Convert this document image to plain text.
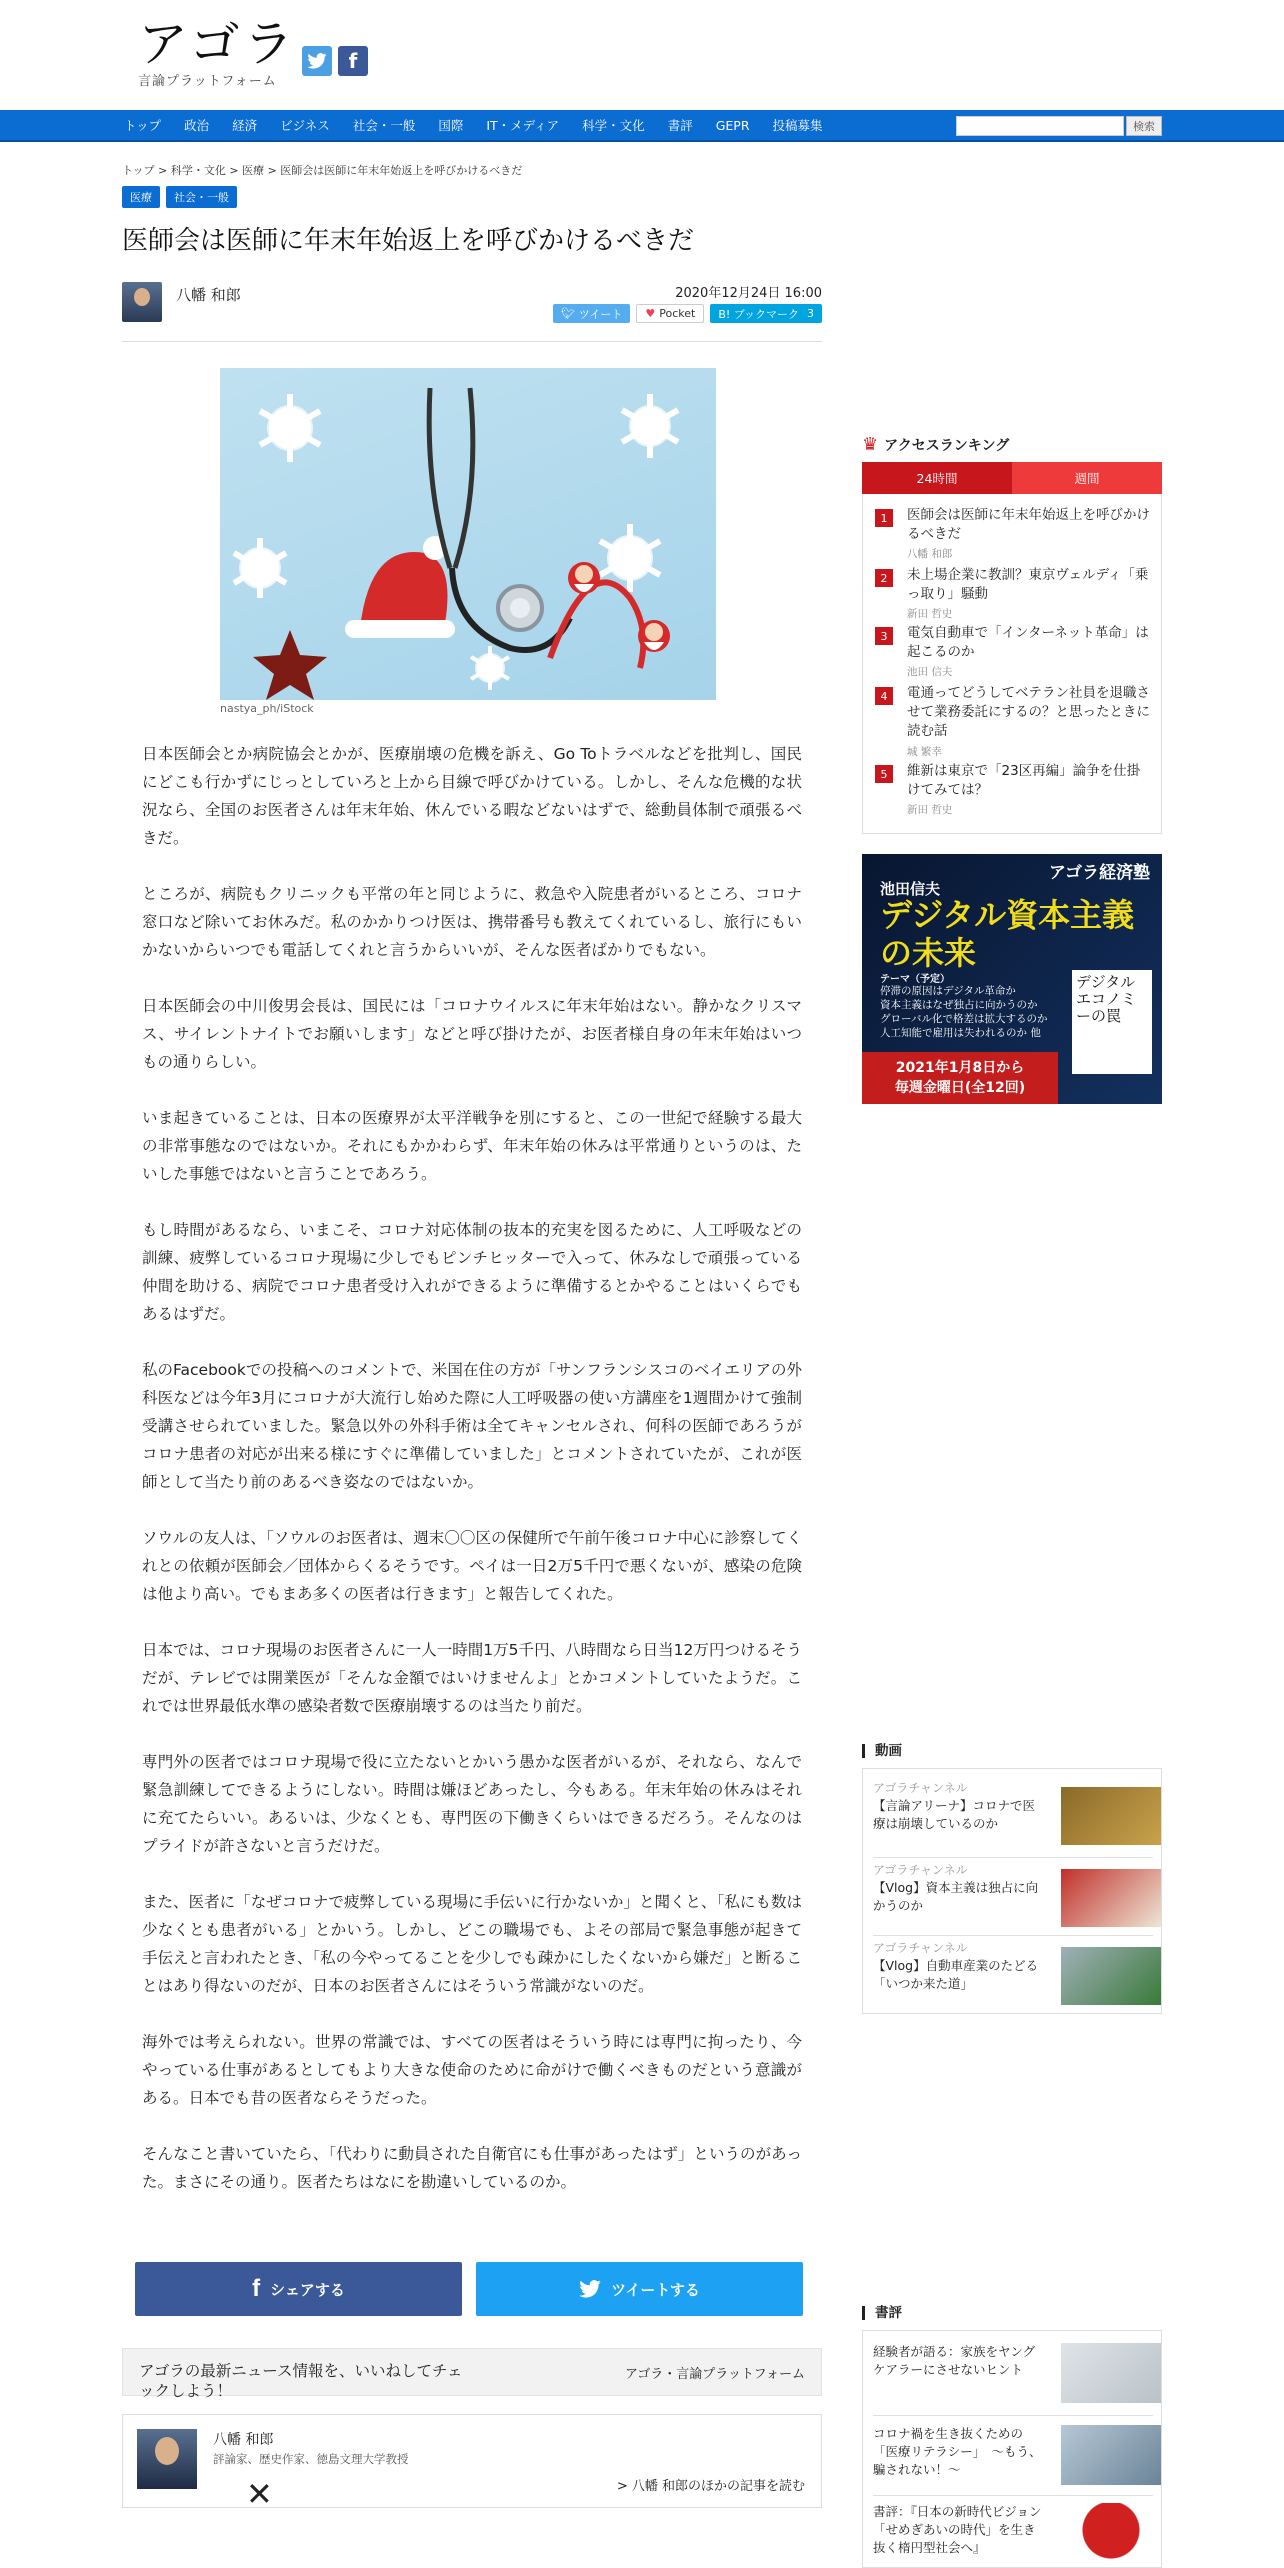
アゴラ
言論プラットフォーム
f
トップ 政治 経済 ビジネス 社会・一般 国際 IT・メディア 科学・文化 書評 GEPR 投稿募集	検索
トップ > 科学・文化 > 医療 > 医師会は医師に年末年始返上を呼びかけるべきだ
医療	社会・一般
医師会は医師に年末年始返上を呼びかけるべきだ
八幡 和郎	2020年12月24日 16:00
🐦︎ ツイート ♥ Pocket B! ブックマーク 3
nastya_ph/iStock

日本医師会とか病院協会とかが、医療崩壊の危機を訴え、Go Toトラベルなどを批判し、国民にどこも行かずにじっとしていろと上から目線で呼びかけている。しかし、そんな危機的な状況なら、全国のお医者さんは年末年始、休んでいる暇などないはずで、総動員体制で頑張るべきだ。

ところが、病院もクリニックも平常の年と同じように、救急や入院患者がいるところ、コロナ窓口など除いてお休みだ。私のかかりつけ医は、携帯番号も教えてくれているし、旅行にもいかないからいつでも電話してくれと言うからいいが、そんな医者ばかりでもない。

日本医師会の中川俊男会長は、国民には「コロナウイルスに年末年始はない。静かなクリスマス、サイレントナイトでお願いします」などと呼び掛けたが、お医者様自身の年末年始はいつもの通りらしい。

いま起きていることは、日本の医療界が太平洋戦争を別にすると、この一世紀で経験する最大の非常事態なのではないか。それにもかかわらず、年末年始の休みは平常通りというのは、たいした事態ではないと言うことであろう。

もし時間があるなら、いまこそ、コロナ対応体制の抜本的充実を図るために、人工呼吸などの訓練、疲弊しているコロナ現場に少しでもピンチヒッターで入って、休みなしで頑張っている仲間を助ける、病院でコロナ患者受け入れができるように準備するとかやることはいくらでもあるはずだ。

私のFacebookでの投稿へのコメントで、米国在住の方が「サンフランシスコのベイエリアの外科医などは今年3月にコロナが大流行し始めた際に人工呼吸器の使い方講座を1週間かけて強制受講させられていました。緊急以外の外科手術は全てキャンセルされ、何科の医師であろうがコロナ患者の対応が出来る様にすぐに準備していました」とコメントされていたが、これが医師として当たり前のあるべき姿なのではないか。

ソウルの友人は、「ソウルのお医者は、週末〇〇区の保健所で午前午後コロナ中心に診察してくれとの依頼が医師会／団体からくるそうです。ペイは一日2万5千円で悪くないが、感染の危険は他より高い。でもまあ多くの医者は行きます」と報告してくれた。

日本では、コロナ現場のお医者さんに一人一時間1万5千円、八時間なら日当12万円つけるそうだが、テレビでは開業医が「そんな金額ではいけませんよ」とかコメントしていたようだ。これでは世界最低水準の感染者数で医療崩壊するのは当たり前だ。

専門外の医者ではコロナ現場で役に立たないとかいう愚かな医者がいるが、それなら、なんで緊急訓練してできるようにしない。時間は嫌ほどあったし、今もある。年末年始の休みはそれに充てたらいい。あるいは、少なくとも、専門医の下働きくらいはできるだろう。そんなのはプライドが許さないと言うだけだ。

また、医者に「なぜコロナで疲弊している現場に手伝いに行かないか」と聞くと、「私にも数は少なくとも患者がいる」とかいう。しかし、どこの職場でも、よその部局で緊急事態が起きて手伝えと言われたとき、「私の今やってることを少しでも疎かにしたくないから嫌だ」と断ることはあり得ないのだが、日本のお医者さんにはそういう常識がないのだ。

海外では考えられない。世界の常識では、すべての医者はそういう時には専門に拘ったり、今やっている仕事があるとしてもより大きな使命のために命がけで働くべきものだという意識がある。日本でも昔の医者ならそうだった。

そんなこと書いていたら、「代わりに動員された自衛官にも仕事があったはず」というのがあった。まさにその通り。医者たちはなにを勘違いしているのか。

f シェアする	ツイートする
アゴラの最新ニュース情報を、いいねしてチェックしよう！
アゴラ・言論プラットフォーム
八幡 和郎
評論家、歴史作家、徳島文理大学教授
> 八幡 和郎のほかの記事を読む
✕
♛ アクセスランキング
24時間	週間
1	医師会は医師に年末年始返上を呼びかけるべきだ
八幡 和郎
2	未上場企業に教訓？東京ヴェルディ「乗っ取り」騒動
新田 哲史
3	電気自動車で「インターネット革命」は起こるのか
池田 信夫
4	電通ってどうしてベテラン社員を退職させて業務委託にするの？と思ったときに読む話
城 繁幸
5	維新は東京で「23区再編」論争を仕掛けてみては？
新田 哲史
アゴラ経済塾
池田信夫
デジタル資本主義の未来
テーマ（予定）
停滞の原因はデジタル革命か
資本主義はなぜ独占に向かうのか
グローバル化で格差は拡大するのか
人工知能で雇用は失われるのか 他
デジタルエコノミーの罠
2021年1月8日から
毎週金曜日(全12回)
動画
アゴラチャンネル
【言論アリーナ】コロナで医療は崩壊しているのか
アゴラチャンネル
【Vlog】資本主義は独占に向かうのか
アゴラチャンネル
【Vlog】自動車産業のたどる「いつか来た道」
書評
経験者が語る：家族をヤングケアラーにさせないヒント
コロナ禍を生き抜くための「医療リテラシー」　〜もう、騙されない！〜
書評：『日本の新時代ビジョン「せめぎあいの時代」を生き抜く楕円型社会へ』
